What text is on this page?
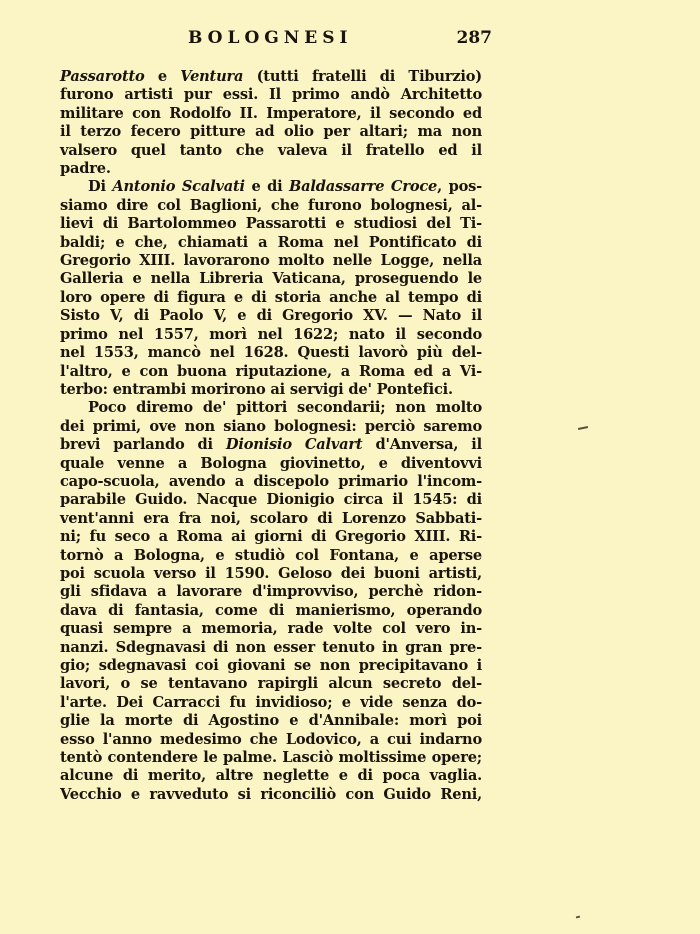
BOLOGNESI	287
Passarotto e Ventura (tutti fratelli di Tiburzio)
furono artisti pur essi. Il primo andò Architetto
militare con Rodolfo II. Imperatore, il secondo ed
il terzo fecero pitture ad olio per altari; ma non
valsero quel tanto che valeva il fratello ed il
padre.
Di Antonio Scalvati e di Baldassarre Croce, pos-
siamo dire col Baglioni, che furono bolognesi, al-
lievi di Bartolommeo Passarotti e studiosi del Ti-
baldi; e che, chiamati a Roma nel Pontificato di
Gregorio XIII. lavorarono molto nelle Logge, nella
Galleria e nella Libreria Vaticana, proseguendo le
loro opere di figura e di storia anche al tempo di
Sisto V, di Paolo V, e di Gregorio XV. — Nato il
primo nel 1557, morì nel 1622; nato il secondo
nel 1553, mancò nel 1628. Questi lavorò più del-
l'altro, e con buona riputazione, a Roma ed a Vi-
terbo: entrambi morirono ai servigi de' Pontefici.
Poco diremo de' pittori secondarii; non molto
dei primi, ove non siano bolognesi: perciò saremo
brevi parlando di Dionisio Calvart d'Anversa, il
quale venne a Bologna giovinetto, e diventovvi
capo-scuola, avendo a discepolo primario l'incom-
parabile Guido. Nacque Dionigio circa il 1545: di
vent'anni era fra noi, scolaro di Lorenzo Sabbati-
ni; fu seco a Roma ai giorni di Gregorio XIII. Ri-
tornò a Bologna, e studiò col Fontana, e aperse
poi scuola verso il 1590. Geloso dei buoni artisti,
gli sfidava a lavorare d'improvviso, perchè ridon-
dava di fantasia, come di manierismo, operando
quasi sempre a memoria, rade volte col vero in-
nanzi. Sdegnavasi di non esser tenuto in gran pre-
gio; sdegnavasi coi giovani se non precipitavano i
lavori, o se tentavano rapirgli alcun secreto del-
l'arte. Dei Carracci fu invidioso; e vide senza do-
glie la morte di Agostino e d'Annibale: morì poi
esso l'anno medesimo che Lodovico, a cui indarno
tentò contendere le palme. Lasciò moltissime opere;
alcune di merito, altre neglette e di poca vaglia.
Vecchio e ravveduto si riconciliò con Guido Reni,
